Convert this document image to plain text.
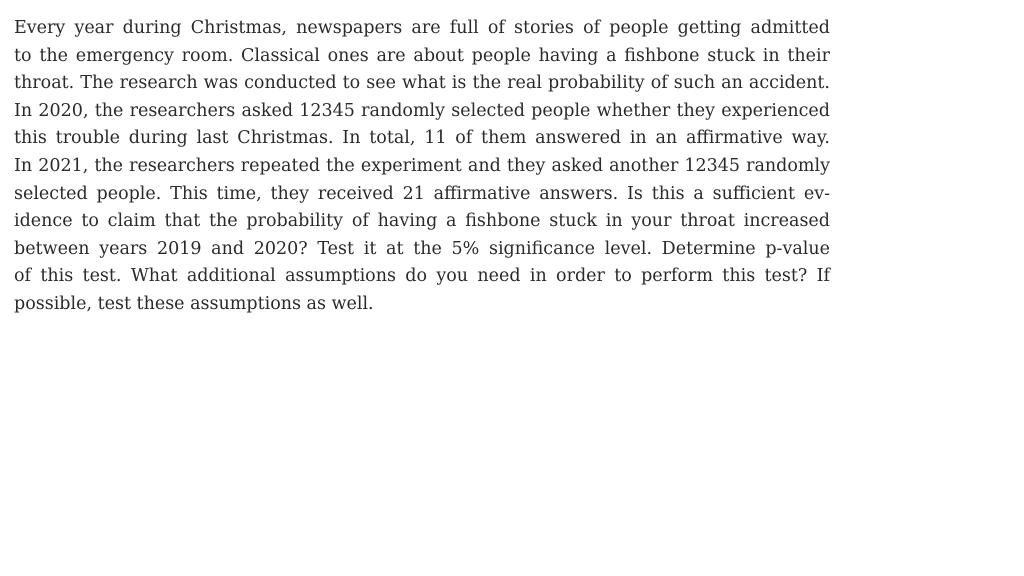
Every year during Christmas, newspapers are full of stories of people getting admitted
to the emergency room. Classical ones are about people having a fishbone stuck in their
throat. The research was conducted to see what is the real probability of such an accident.
In 2020, the researchers asked 12345 randomly selected people whether they experienced
this trouble during last Christmas. In total, 11 of them answered in an affirmative way.
In 2021, the researchers repeated the experiment and they asked another 12345 randomly
selected people. This time, they received 21 affirmative answers. Is this a sufficient ev-
idence to claim that the probability of having a fishbone stuck in your throat increased
between years 2019 and 2020? Test it at the 5% significance level. Determine p-value
of this test. What additional assumptions do you need in order to perform this test? If
possible, test these assumptions as well.
